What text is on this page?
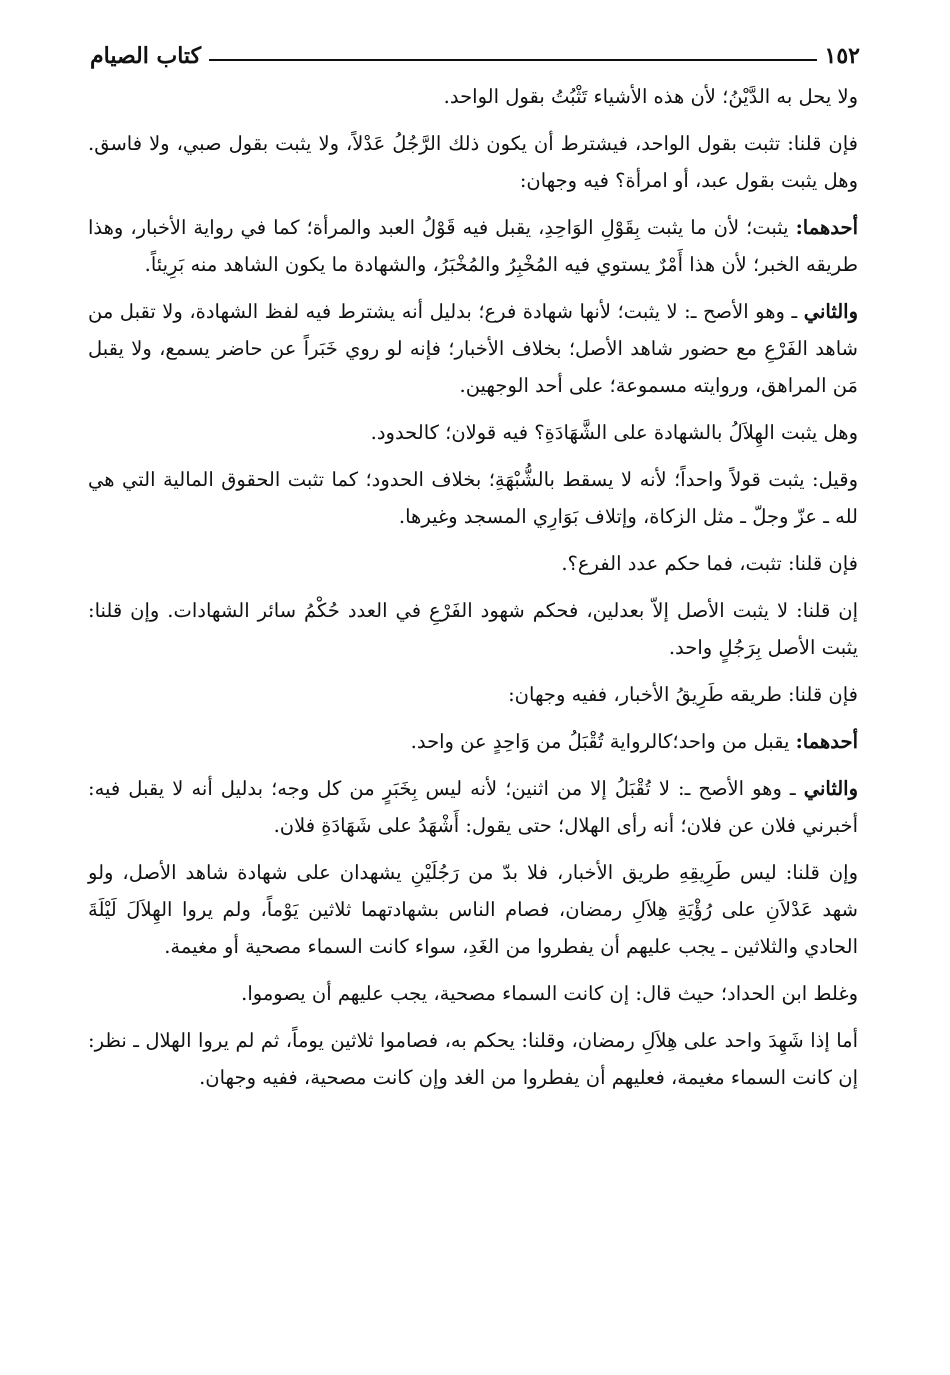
١٥٢
كتاب الصيام

ولا يحل به الدَّيْنُ؛ لأن هذه الأشياء تَثْبُتُ بقول الواحد.

فإن قلنا: تثبت بقول الواحد، فيشترط أن يكون ذلك الرَّجُلُ عَدْلاً، ولا يثبت بقول صبي، ولا فاسق. وهل يثبت بقول عبد، أو امرأة؟ فيه وجهان:

أحدهما: يثبت؛ لأن ما يثبت بِقَوْلِ الوَاحِدِ، يقبل فيه قَوْلُ العبد والمرأة؛ كما في رواية الأخبار، وهذا طريقه الخبر؛ لأن هذا أَمْرٌ يستوي فيه المُخْبِرُ والمُخْبَرُ، والشهادة ما يكون الشاهد منه بَرِيئاً.

والثاني ـ وهو الأصح ـ: لا يثبت؛ لأنها شهادة فرع؛ بدليل أنه يشترط فيه لفظ الشهادة، ولا تقبل من شاهد الفَرْعِ مع حضور شاهد الأصل؛ بخلاف الأخبار؛ فإنه لو روي خَبَراً عن حاضر يسمع، ولا يقبل مَن المراهق، وروايته مسموعة؛ على أحد الوجهين.

وهل يثبت الهِلاَلُ بالشهادة على الشَّهَادَةِ؟ فيه قولان؛ كالحدود.

وقيل: يثبت قولاً واحداً؛ لأنه لا يسقط بالشُّبْهَةِ؛ بخلاف الحدود؛ كما تثبت الحقوق المالية التي هي لله ـ عزّ وجلّ ـ مثل الزكاة، وإتلاف بَوَارِي المسجد وغيرها.

فإن قلنا: تثبت، فما حكم عدد الفرع؟.

إن قلنا: لا يثبت الأصل إلاّ بعدلين، فحكم شهود الفَرْعِ في العدد حُكْمُ سائر الشهادات. وإن قلنا: يثبت الأصل بِرَجُلٍ واحد.

فإن قلنا: طريقه طَرِيقُ الأخبار، ففيه وجهان:

أحدهما: يقبل من واحد؛كالرواية تُقْبَلُ من وَاحِدٍ عن واحد.

والثاني ـ وهو الأصح ـ: لا تُقْبَلُ إلا من اثنين؛ لأنه ليس بِخَبَرٍ من كل وجه؛ بدليل أنه لا يقبل فيه: أخبرني فلان عن فلان؛ أنه رأى الهلال؛ حتى يقول: أَشْهَدُ على شَهَادَةِ فلان.

وإن قلنا: ليس طَرِيقِهِ طريق الأخبار، فلا بدّ من رَجُلَيْنِ يشهدان على شهادة شاهد الأصل، ولو شهد عَدْلاَنِ على رُؤْيَةِ هِلاَلِ رمضان، فصام الناس بشهادتهما ثلاثين يَوْماً، ولم يروا الهِلاَلَ لَيْلَةَ الحادي والثلاثين ـ يجب عليهم أن يفطروا من الغَدِ، سواء كانت السماء مصحية أو مغيمة.

وغلط ابن الحداد؛ حيث قال: إن كانت السماء مصحية، يجب عليهم أن يصوموا.

أما إذا شَهِدَ واحد على هِلاَلِ رمضان، وقلنا: يحكم به، فصاموا ثلاثين يوماً، ثم لم يروا الهلال ـ نظر: إن كانت السماء مغيمة، فعليهم أن يفطروا من الغد وإن كانت مصحية، ففيه وجهان.
